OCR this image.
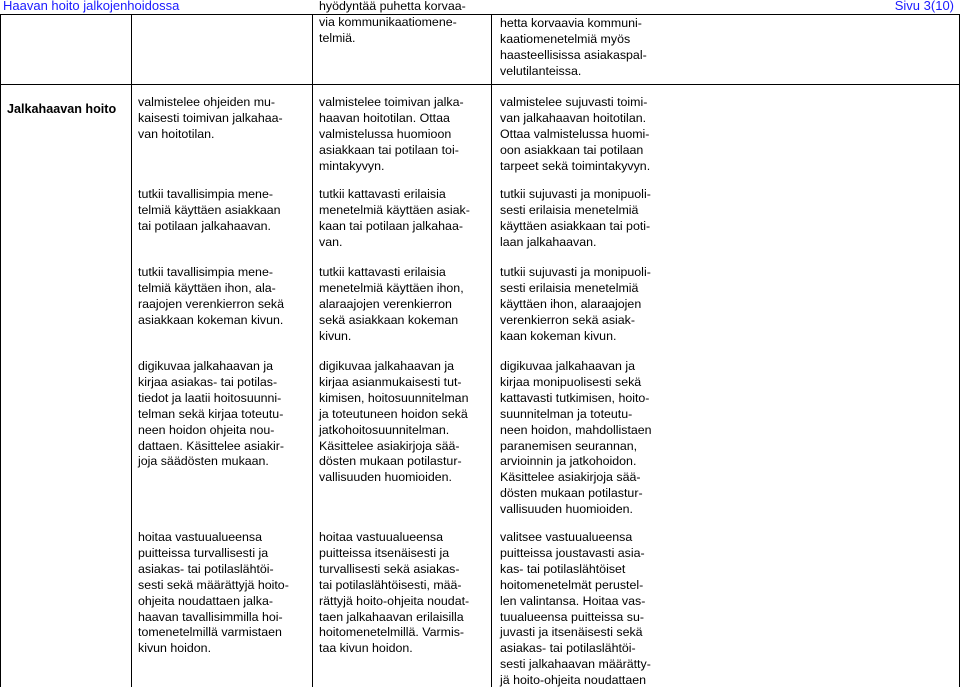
Haavan hoito jalkojenhoidossa	Sivu 3(10)
hyödyntää puhetta korvaa-
via kommunikaatiomene-
telmiä.
hetta korvaavia kommuni-
kaatiomenetelmiä myös
haasteellisissa asiakaspal-
velutilanteissa.
Jalkahaavan hoito valmistelee ohjeiden mu-
kaisesti toimivan jalkahaa-
van hoitotilan.
valmistelee toimivan jalka-
haavan hoitotilan. Ottaa
valmistelussa huomioon
asiakkaan tai potilaan toi-
mintakyvyn.
valmistelee sujuvasti toimi-
van jalkahaavan hoitotilan.
Ottaa valmistelussa huomi-
oon asiakkaan tai potilaan
tarpeet sekä toimintakyvyn.
tutkii tavallisimpia mene-
telmiä käyttäen asiakkaan
tai potilaan jalkahaavan.
tutkii kattavasti erilaisia
menetelmiä käyttäen asiak-
kaan tai potilaan jalkahaa-
van.
tutkii sujuvasti ja monipuoli-
sesti erilaisia menetelmiä
käyttäen asiakkaan tai poti-
laan jalkahaavan.
tutkii tavallisimpia mene-
telmiä käyttäen ihon, ala-
raajojen verenkierron sekä
asiakkaan kokeman kivun.
tutkii kattavasti erilaisia
menetelmiä käyttäen ihon,
alaraajojen verenkierron
sekä asiakkaan kokeman
kivun.
tutkii sujuvasti ja monipuoli-
sesti erilaisia menetelmiä
käyttäen ihon, alaraajojen
verenkierron sekä asiak-
kaan kokeman kivun.
digikuvaa jalkahaavan ja
kirjaa asiakas- tai potilas-
tiedot ja laatii hoitosuunni-
telman sekä kirjaa toteutu-
neen hoidon ohjeita nou-
dattaen. Käsittelee asiakir-
joja säädösten mukaan.
digikuvaa jalkahaavan ja
kirjaa asianmukaisesti tut-
kimisen, hoitosuunnitelman
ja toteutuneen hoidon sekä
jatkohoitosuunnitelman.
Käsittelee asiakirjoja sää-
dösten mukaan potilastur-
vallisuuden huomioiden.
digikuvaa jalkahaavan ja
kirjaa monipuolisesti sekä
kattavasti tutkimisen, hoito-
suunnitelman ja toteutu-
neen hoidon, mahdollistaen
paranemisen seurannan,
arvioinnin ja jatkohoidon.
Käsittelee asiakirjoja sää-
dösten mukaan potilastur-
vallisuuden huomioiden.
hoitaa vastuualueensa
puitteissa turvallisesti ja
asiakas- tai potilaslähtöi-
sesti sekä määrättyjä hoito-
ohjeita noudattaen jalka-
haavan tavallisimmilla hoi-
tomenetelmillä varmistaen
kivun hoidon.
hoitaa vastuualueensa
puitteissa itsenäisesti ja
turvallisesti sekä asiakas-
tai potilaslähtöisesti, mää-
rättyjä hoito-ohjeita noudat-
taen jalkahaavan erilaisilla
hoitomenetelmillä. Varmis-
taa kivun hoidon.
valitsee vastuualueensa
puitteissa joustavasti asia-
kas- tai potilaslähtöiset
hoitomenetelmät perustel-
len valintansa. Hoitaa vas-
tuualueensa puitteissa su-
juvasti ja itsenäisesti sekä
asiakas- tai potilaslähtöi-
sesti jalkahaavan määrätty-
jä hoito-ohjeita noudattaen
